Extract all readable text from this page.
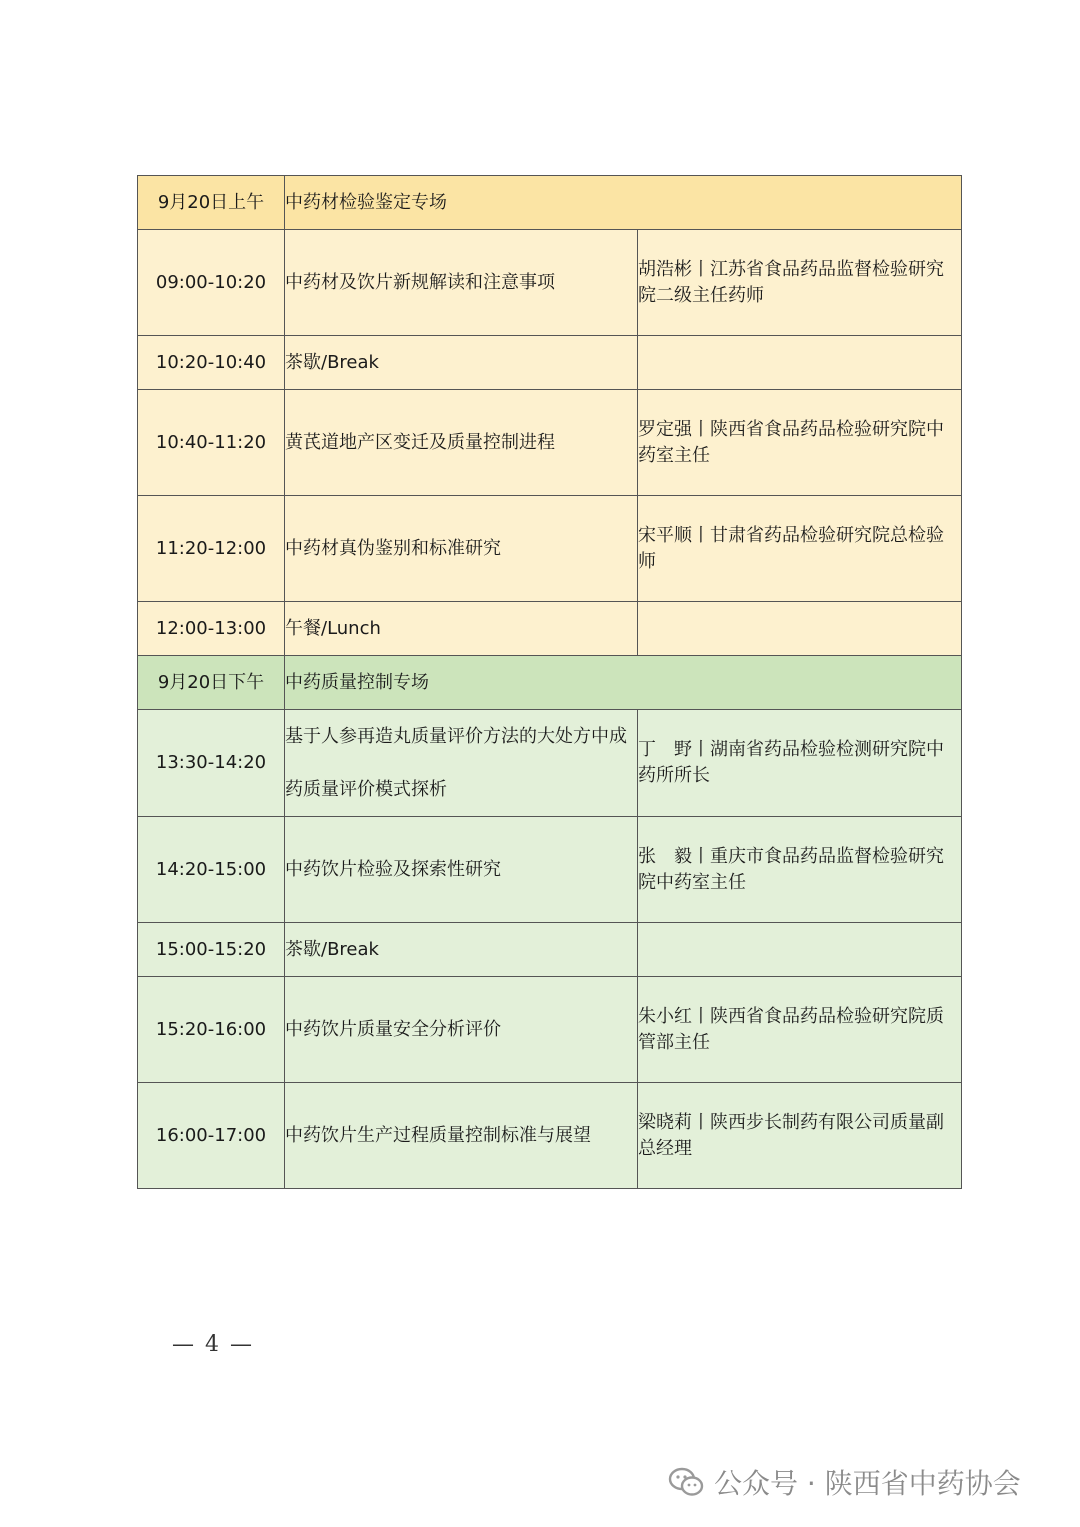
9月20日上午	中药材检验鉴定专场	
09:00-10:20	中药材及饮片新规解读和注意事项	胡浩彬丨江苏省食品药品监督检验研究院二级主任药师
10:20-10:40	茶歇/Break	
10:40-11:20	黄芪道地产区变迁及质量控制进程	罗定强丨陕西省食品药品检验研究院中药室主任
11:20-12:00	中药材真伪鉴别和标准研究	宋平顺丨甘肃省药品检验研究院总检验师
12:00-13:00	午餐/Lunch	
9月20日下午	中药质量控制专场	
13:30-14:20	基于人参再造丸质量评价方法的大处方中成药质量评价模式探析	丁　野丨湖南省药品检验检测研究院中药所所长
14:20-15:00	中药饮片检验及探索性研究	张　毅丨重庆市食品药品监督检验研究院中药室主任
15:00-15:20	茶歇/Break	
15:20-16:00	中药饮片质量安全分析评价	朱小红丨陕西省食品药品检验研究院质管部主任
16:00-17:00	中药饮片生产过程质量控制标准与展望	梁晓莉丨陕西步长制药有限公司质量副总经理
— 4 —
公众号 · 陕西省中药协会
